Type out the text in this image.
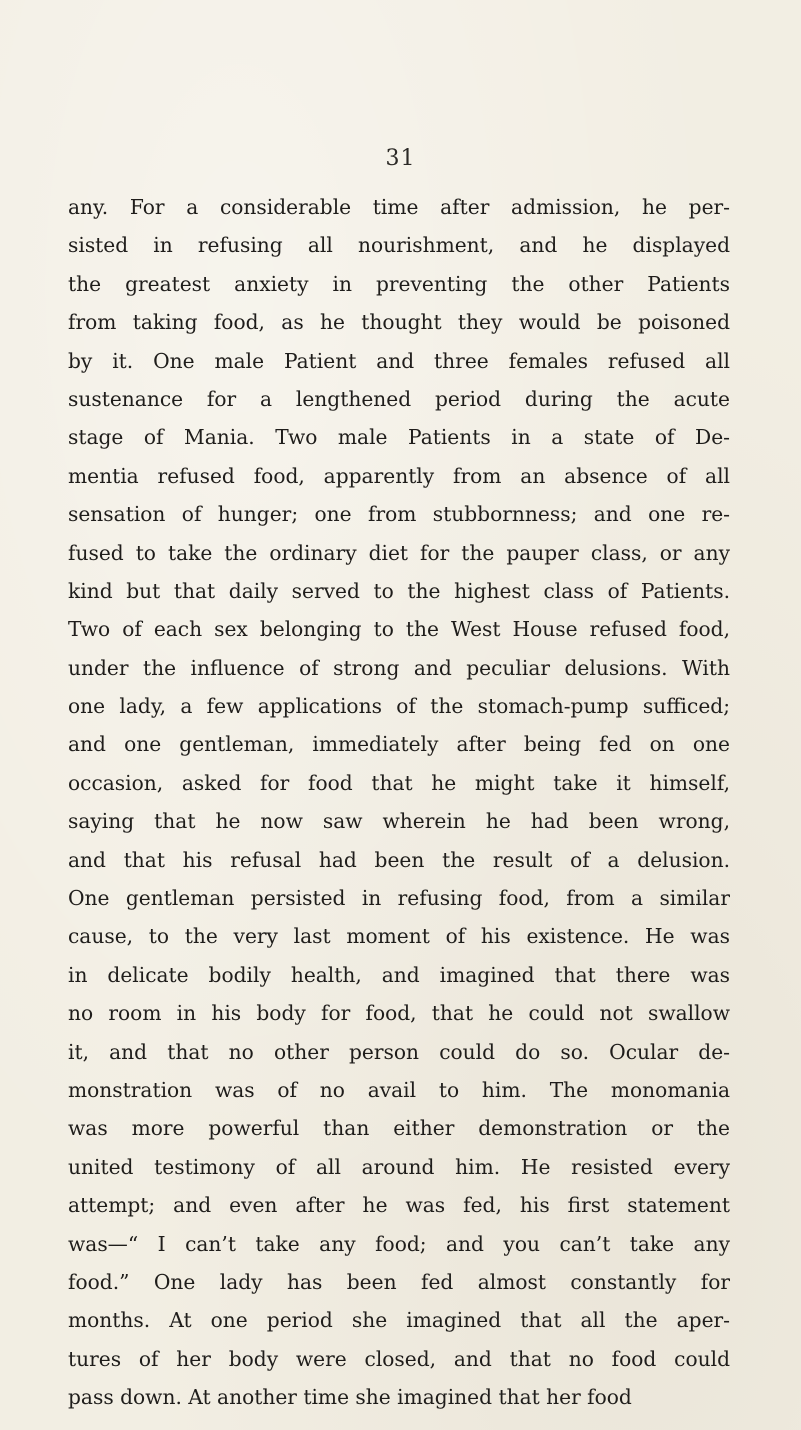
31
any. For a considerable time after admission, he per-
sisted in refusing all nourishment, and he displayed
the greatest anxiety in preventing the other Patients
from taking food, as he thought they would be poisoned
by it. One male Patient and three females refused all
sustenance for a lengthened period during the acute
stage of Mania. Two male Patients in a state of De-
mentia refused food, apparently from an absence of all
sensation of hunger; one from stubbornness; and one re-
fused to take the ordinary diet for the pauper class, or any
kind but that daily served to the highest class of Patients.
Two of each sex belonging to the West House refused food,
under the influence of strong and peculiar delusions. With
one lady, a few applications of the stomach-pump sufficed;
and one gentleman, immediately after being fed on one
occasion, asked for food that he might take it himself,
saying that he now saw wherein he had been wrong,
and that his refusal had been the result of a delusion.
One gentleman persisted in refusing food, from a similar
cause, to the very last moment of his existence. He was
in delicate bodily health, and imagined that there was
no room in his body for food, that he could not swallow
it, and that no other person could do so. Ocular de-
monstration was of no avail to him. The monomania
was more powerful than either demonstration or the
united testimony of all around him. He resisted every
attempt; and even after he was fed, his first statement
was—“ I can’t take any food; and you can’t take any
food.” One lady has been fed almost constantly for
months. At one period she imagined that all the aper-
tures of her body were closed, and that no food could
pass down. At another time she imagined that her food
